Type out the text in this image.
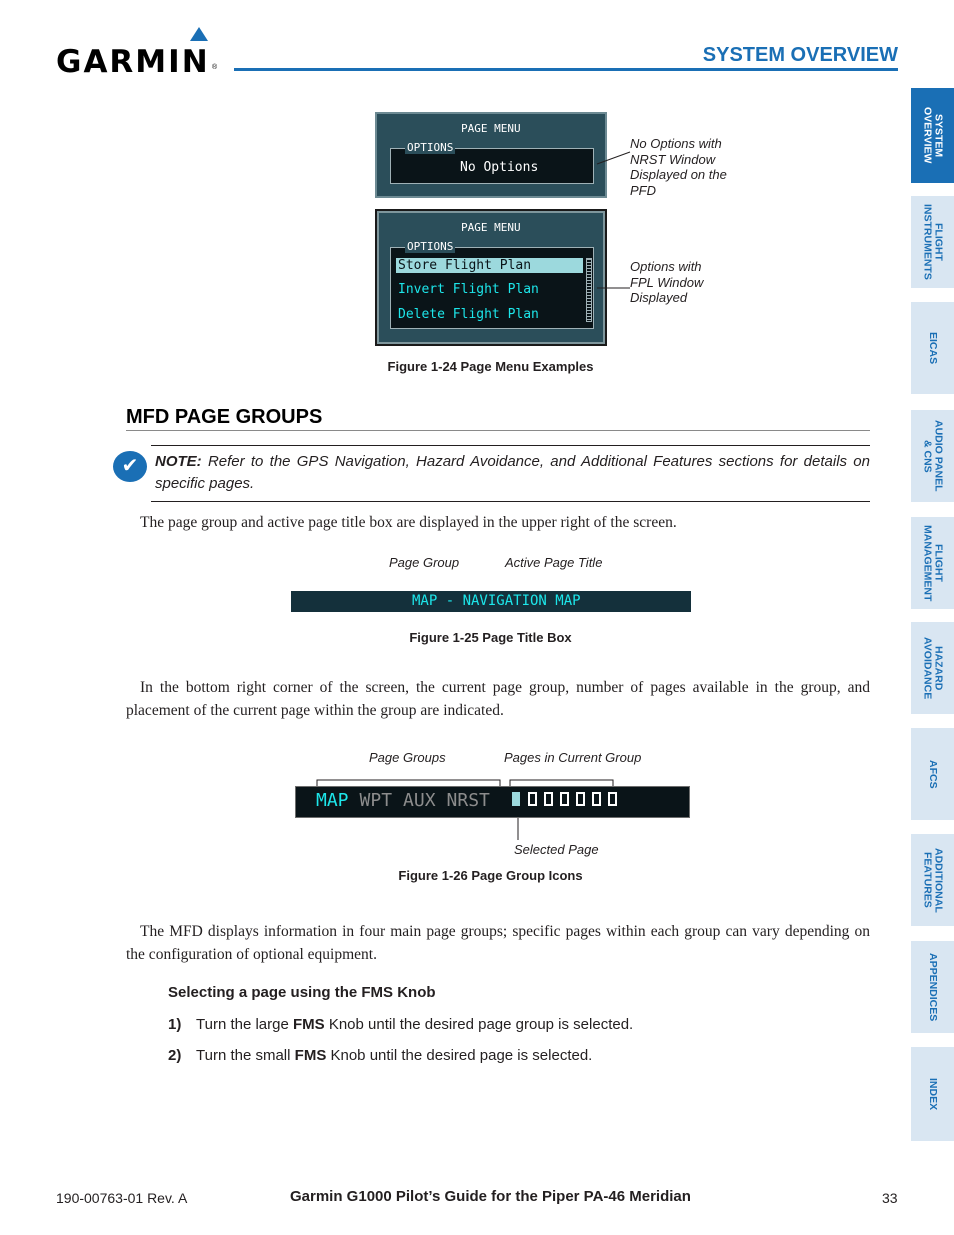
GARMIN ®
SYSTEM OVERVIEW
SYSTEM
OVERVIEW
FLIGHT
INSTRUMENTS
EICAS
AUDIO PANEL
& CNS
FLIGHT
MANAGEMENT
HAZARD
AVOIDANCE
AFCS
ADDITIONAL
FEATURES
APPENDICES
INDEX
PAGE MENU
OPTIONS
No Options
PAGE MENU
OPTIONS
Store Flight Plan
Invert Flight Plan
Delete Flight Plan
No Options with NRST Window Displayed on the PFD
Options with FPL Window Displayed
Figure 1-24 Page Menu Examples
MFD PAGE GROUPS
✔	NOTE: Refer to the GPS Navigation, Hazard Avoidance, and Additional Features sections for details on specific pages.
The page group and active page title box are displayed in the upper right of the screen.
Page Group	Active Page Title
MAP - NAVIGATION MAP
Figure 1-25 Page Title Box
In the bottom right corner of the screen, the current page group, number of pages available in the group, and placement of the current page within the group are indicated.
Page Groups	Pages in Current Group
MAP WPT AUX NRST
Selected Page
Figure 1-26 Page Group Icons
The MFD displays information in four main page groups; specific pages within each group can vary depending on the configuration of optional equipment.
Selecting a page using the FMS Knob
1) Turn the large FMS Knob until the desired page group is selected.
2) Turn the small FMS Knob until the desired page is selected.
190-00763-01 Rev. A	Garmin G1000 Pilot’s Guide for the Piper PA-46 Meridian	33
